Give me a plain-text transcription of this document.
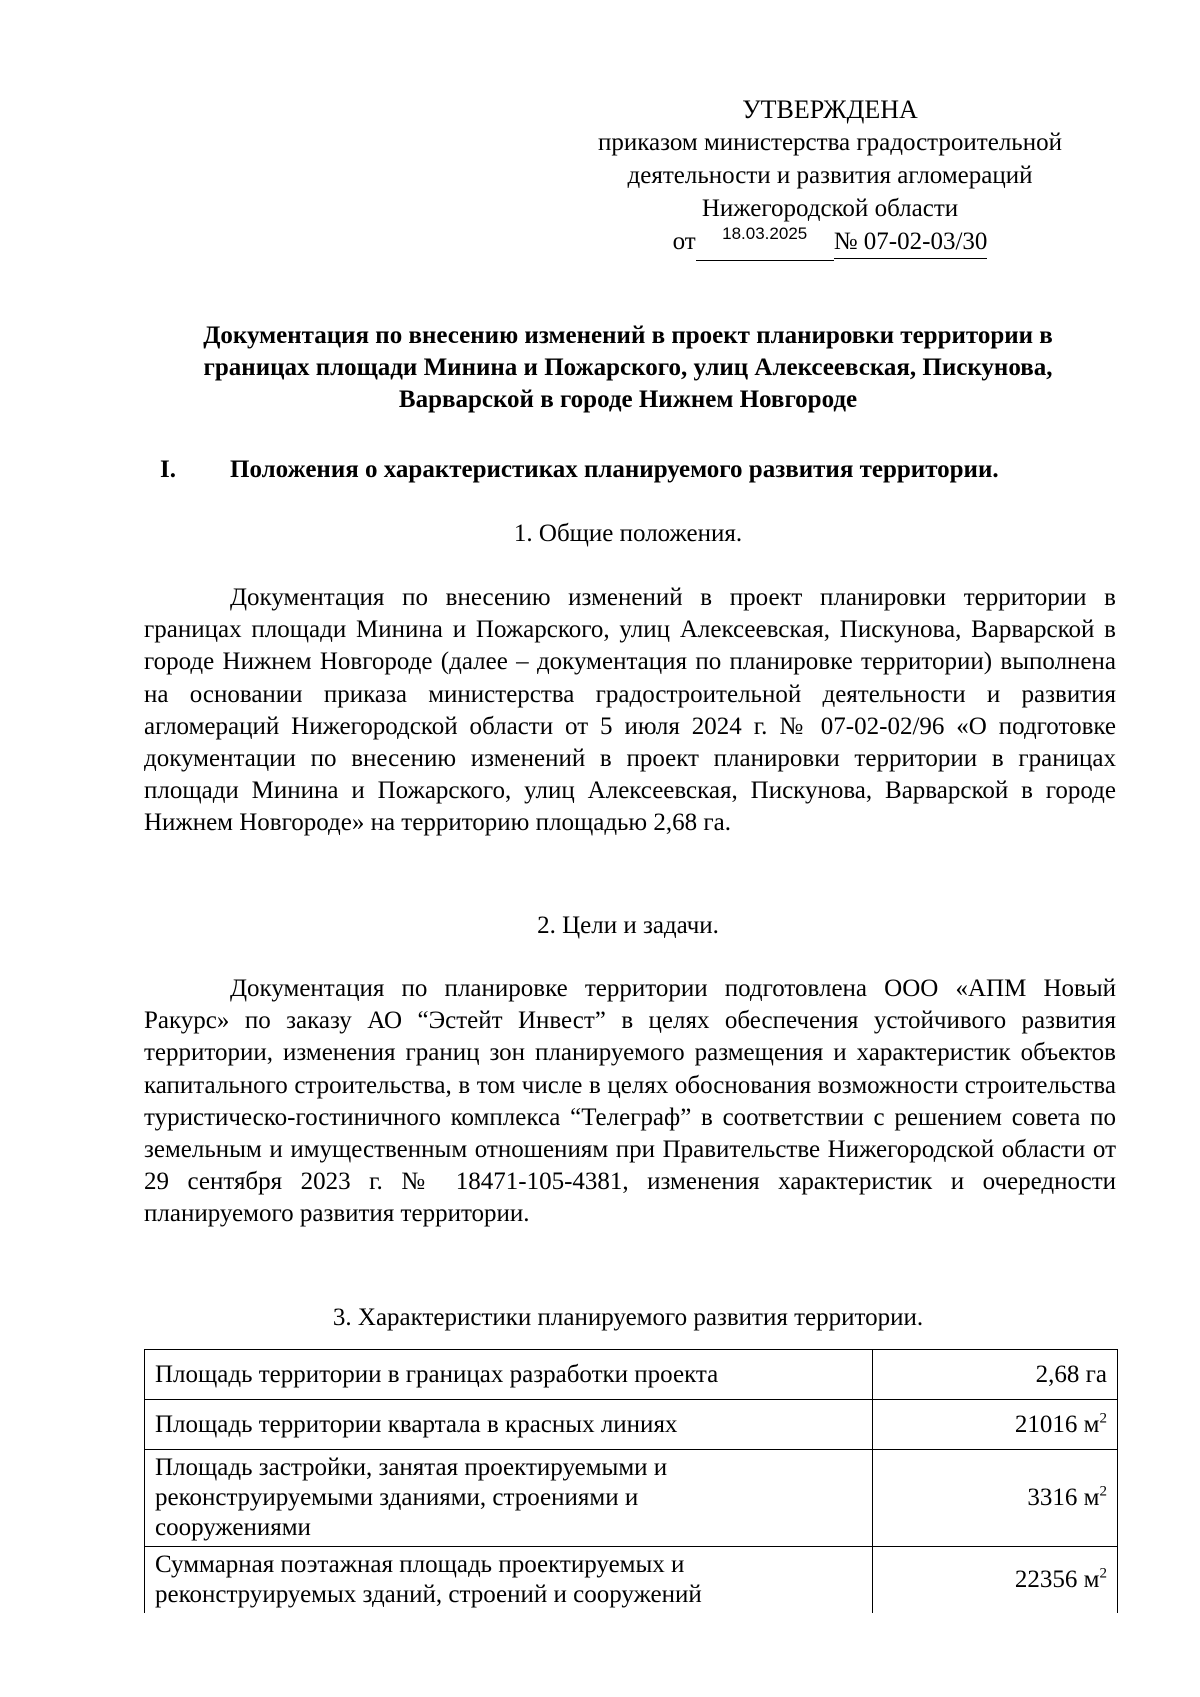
УТВЕРЖДЕНА
приказом министерства градостроительной
деятельности и развития агломераций
Нижегородской области
от 18.03.2025 № 07-02-03/30
Документация по внесению изменений в проект планировки территории в
границах площади Минина и Пожарского, улиц Алексеевская, Пискунова,
Варварской в городе Нижнем Новгороде
I. Положения о характеристиках планируемого развития территории.
1. Общие положения.
Документация по внесению изменений в проект планировки территории в границах площади Минина и Пожарского, улиц Алексеевская, Пискунова, Варварской в городе Нижнем Новгороде (далее – документация по планировке территории) выполнена на основании приказа министерства градостроительной деятельности и развития агломераций Нижегородской области от 5 июля 2024 г. № 07-02-02/96 «О подготовке документации по внесению изменений в проект планировки территории в границах площади Минина и Пожарского, улиц Алексеевская, Пискунова, Варварской в городе Нижнем Новгороде» на территорию площадью 2,68 га.
2. Цели и задачи.
Документация по планировке территории подготовлена ООО «АПМ Новый Ракурс» по заказу АО “Эстейт Инвест” в целях обеспечения устойчивого развития территории, изменения границ зон планируемого размещения и характеристик объектов капитального строительства, в том числе в целях обоснования возможности строительства туристическо-гостиничного комплекса “Телеграф” в соответствии с решением совета по земельным и имущественным отношениям при Правительстве Нижегородской области от 29 сентября 2023 г. № 18471-105-4381, изменения характеристик и очередности планируемого развития территории.
3. Характеристики планируемого развития территории.
Площадь территории в границах разработки проекта	2,68 га
Площадь территории квартала в красных линиях	21016 $м^2$
Площадь застройки, занятая проектируемыми и реконструируемыми зданиями, строениями и сооружениями	3316 $м^2$
Суммарная поэтажная площадь проектируемых и реконструируемых зданий, строений и сооружений	22356 $м^2$
